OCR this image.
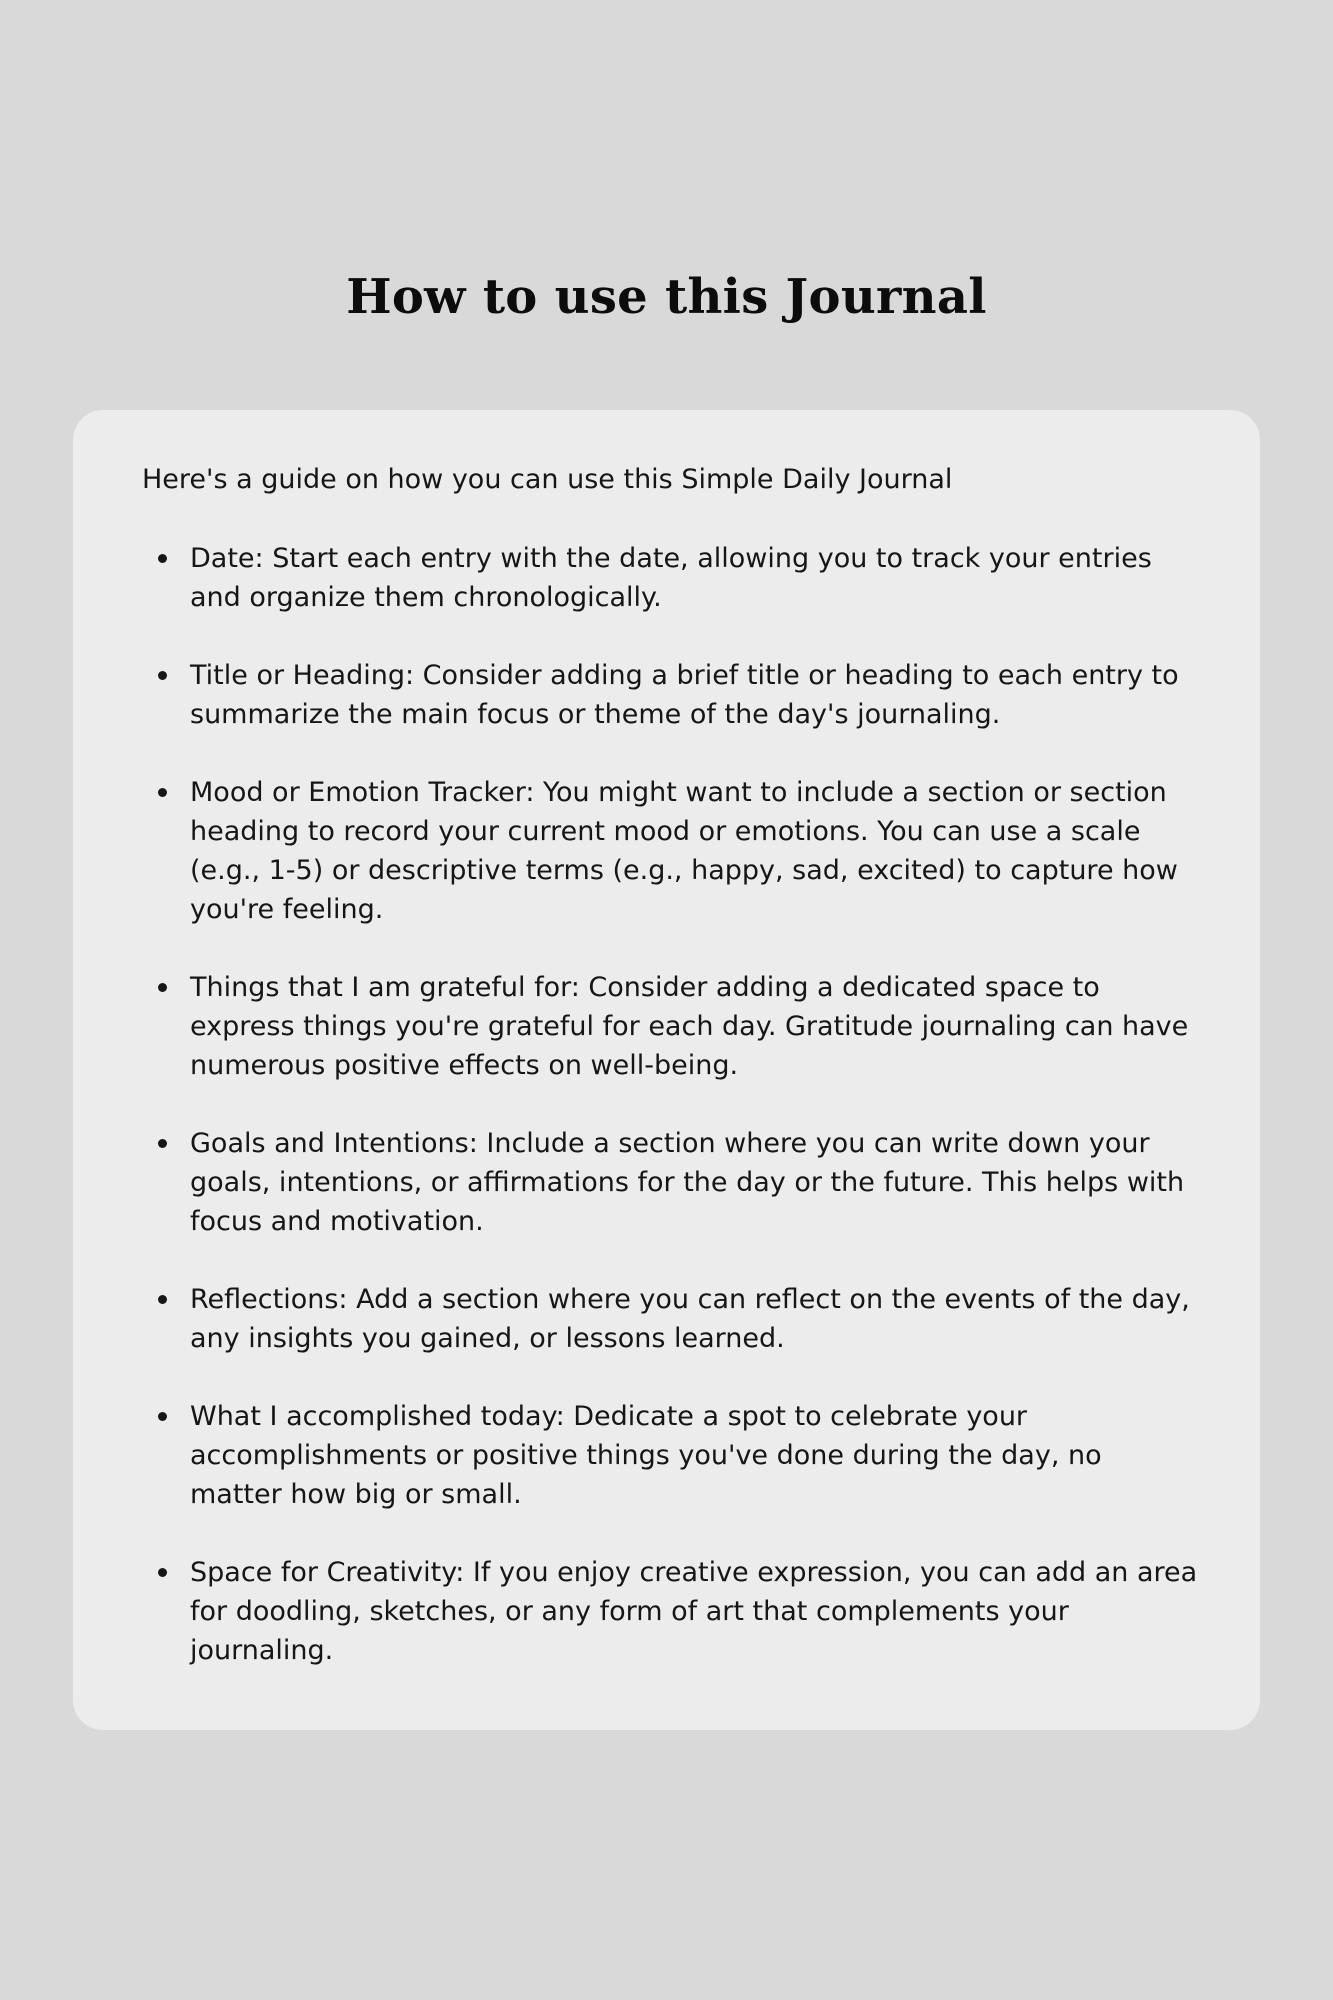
How to use this Journal

Here's a guide on how you can use this Simple Daily Journal

Date: Start each entry with the date, allowing you to track your entries and organize them chronologically.
Title or Heading: Consider adding a brief title or heading to each entry to summarize the main focus or theme of the day's journaling.
Mood or Emotion Tracker: You might want to include a section or section heading to record your current mood or emotions. You can use a scale (e.g., 1-5) or descriptive terms (e.g., happy, sad, excited) to capture how you're feeling.
Things that I am grateful for: Consider adding a dedicated space to express things you're grateful for each day. Gratitude journaling can have numerous positive effects on well-being.
Goals and Intentions: Include a section where you can write down your goals, intentions, or affirmations for the day or the future. This helps with focus and motivation.
Reflections: Add a section where you can reflect on the events of the day, any insights you gained, or lessons learned.
What I accomplished today: Dedicate a spot to celebrate your accomplishments or positive things you've done during the day, no matter how big or small.
Space for Creativity: If you enjoy creative expression, you can add an area for doodling, sketches, or any form of art that complements your journaling.
